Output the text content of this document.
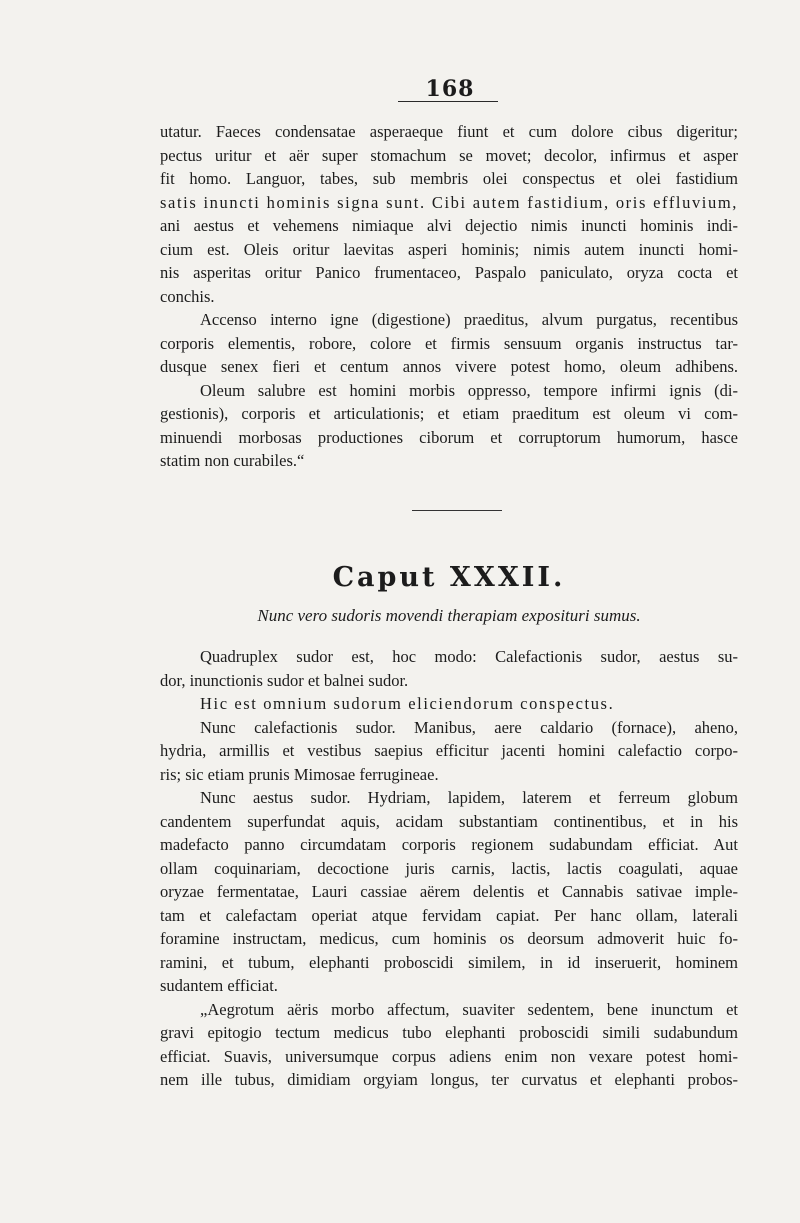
168
utatur. Faeces condensatae asperaeque fiunt et cum dolore cibus digeritur;
pectus uritur et aër super stomachum se movet; decolor, infirmus et asper
fit homo. Languor, tabes, sub membris olei conspectus et olei fastidium
satis inuncti hominis signa sunt. Cibi autem fastidium, oris effluvium,
ani aestus et vehemens nimiaque alvi dejectio nimis inuncti hominis indi-
cium est. Oleis oritur laevitas asperi hominis; nimis autem inuncti homi-
nis asperitas oritur Panico frumentaceo, Paspalo paniculato, oryza cocta et
conchis.
Accenso interno igne (digestione) praeditus, alvum purgatus, recentibus
corporis elementis, robore, colore et firmis sensuum organis instructus tar-
dusque senex fieri et centum annos vivere potest homo, oleum adhibens.
Oleum salubre est homini morbis oppresso, tempore infirmi ignis (di-
gestionis), corporis et articulationis; et etiam praeditum est oleum vi com-
minuendi morbosas productiones ciborum et corruptorum humorum, hasce
statim non curabiles.“
Caput XXXII.
Nunc vero sudoris movendi therapiam exposituri sumus.
Quadruplex sudor est, hoc modo: Calefactionis sudor, aestus su-
dor, inunctionis sudor et balnei sudor.
Hic est omnium sudorum eliciendorum conspectus.
Nunc calefactionis sudor. Manibus, aere caldario (fornace), aheno,
hydria, armillis et vestibus saepius efficitur jacenti homini calefactio corpo-
ris; sic etiam prunis Mimosae ferrugineae.
Nunc aestus sudor. Hydriam, lapidem, laterem et ferreum globum
candentem superfundat aquis, acidam substantiam continentibus, et in his
madefacto panno circumdatam corporis regionem sudabundam efficiat. Aut
ollam coquinariam, decoctione juris carnis, lactis, lactis coagulati, aquae
oryzae fermentatae, Lauri cassiae aërem delentis et Cannabis sativae imple-
tam et calefactam operiat atque fervidam capiat. Per hanc ollam, laterali
foramine instructam, medicus, cum hominis os deorsum admoverit huic fo-
ramini, et tubum, elephanti proboscidi similem, in id inseruerit, hominem
sudantem efficiat.
„Aegrotum aëris morbo affectum, suaviter sedentem, bene inunctum et
gravi epitogio tectum medicus tubo elephanti proboscidi simili sudabundum
efficiat. Suavis, universumque corpus adiens enim non vexare potest homi-
nem ille tubus, dimidiam orgyiam longus, ter curvatus et elephanti probos-
